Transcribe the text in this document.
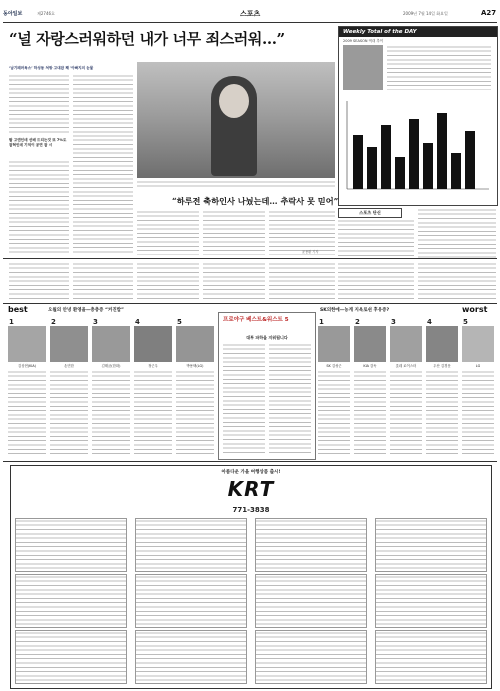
동아일보	제2746호	스포츠	2009년 7월 14일 화요일	A27
“널 자랑스러워하던 내가 너무 죄스러워…”	Weekly Total of the DAY
2009 SEASON 역대 추이
‘남기패러독스’ 하성동 처방 고대잡 째 '아빠지의 눈물
팔 고엔인데 선배 드리는것 또 7%도 잡혀인데 기억이 공연 잡 시
“하루전 축하인사 나눴는데… 추락사 못 믿어”
윤용환 기자
스포츠 단신
best	오월의 안녕 환영을—충충증 “커진밥”	SK의한에—농게 지옥로쉰 후유증?	worst
1
김상현(KIA)
2
손민한
3
김태균(한화)
4
정근우
5
박용택(LG)
프로야구 베스트&워스트 5
대투 파하을 지워됩니다
1
SK 김성근
2
KIA 감독
3
롯데 로이스터
4
두산 김경문
5
LG
아름다운 가을 여행상품 출시!
KRT
771-3838
